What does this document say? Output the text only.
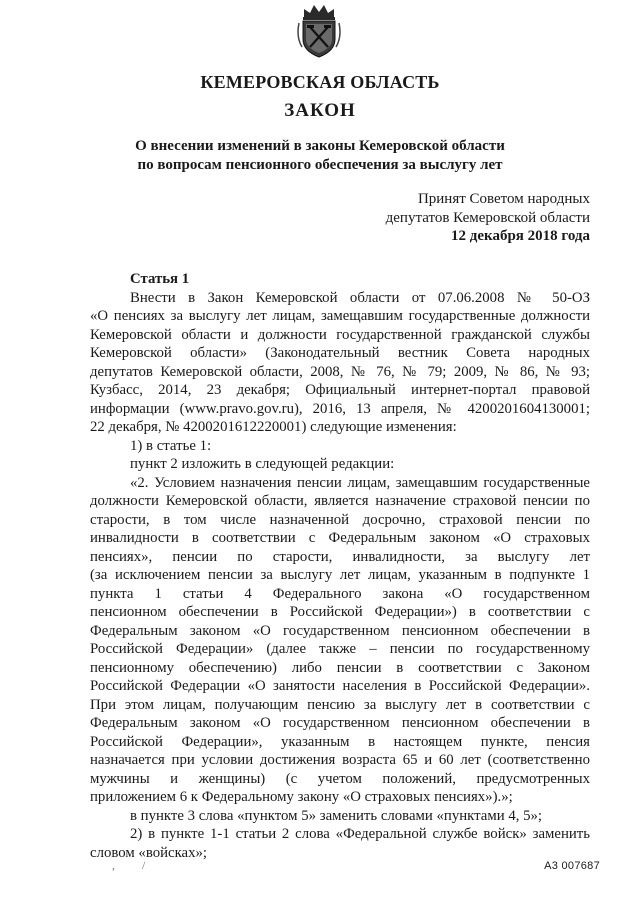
КЕМЕРОВСКАЯ ОБЛАСТЬ
ЗАКОН
О внесении изменений в законы Кемеровской области
по вопросам пенсионного обеспечения за выслугу лет
Принят Советом народных
депутатов Кемеровской области
12 декабря 2018 года

Статья 1

Внести в Закон Кемеровской области от 07.06.2008 № 50-ОЗ

«О пенсиях за выслугу лет лицам, замещавшим государственные должности

Кемеровской области и должности государственной гражданской службы

Кемеровской области» (Законодательный вестник Совета народных

депутатов Кемеровской области, 2008, № 76, № 79; 2009, № 86, № 93;

Кузбасс, 2014, 23 декабря; Официальный интернет-портал правовой

информации (www.pravo.gov.ru), 2016, 13 апреля, № 4200201604130001;

22 декабря, № 4200201612220001) следующие изменения:

1) в статье 1:

пункт 2 изложить в следующей редакции:

«2. Условием назначения пенсии лицам, замещавшим государственные

должности Кемеровской области, является назначение страховой пенсии по

старости, в том числе назначенной досрочно, страховой пенсии по

инвалидности в соответствии с Федеральным законом «О страховых

пенсиях», пенсии по старости, инвалидности, за выслугу лет

(за исключением пенсии за выслугу лет лицам, указанным в подпункте 1

пункта 1 статьи 4 Федерального закона «О государственном

пенсионном обеспечении в Российской Федерации») в соответствии с

Федеральным законом «О государственном пенсионном обеспечении в

Российской Федерации» (далее также – пенсии по государственному

пенсионному обеспечению) либо пенсии в соответствии с Законом

Российской Федерации «О занятости населения в Российской Федерации».

При этом лицам, получающим пенсию за выслугу лет в соответствии с

Федеральным законом «О государственном пенсионном обеспечении в

Российской Федерации», указанным в настоящем пункте, пенсия

назначается при условии достижения возраста 65 и 60 лет (соответственно

мужчины и женщины) (с учетом положений, предусмотренных

приложением 6 к Федеральному закону «О страховых пенсиях»).»;

в пункте 3 слова «пунктом 5» заменить словами «пунктами 4, 5»;

2) в пункте 1-1 статьи 2 слова «Федеральной службе войск» заменить

словом «войсках»;

,         /	А3 007687
